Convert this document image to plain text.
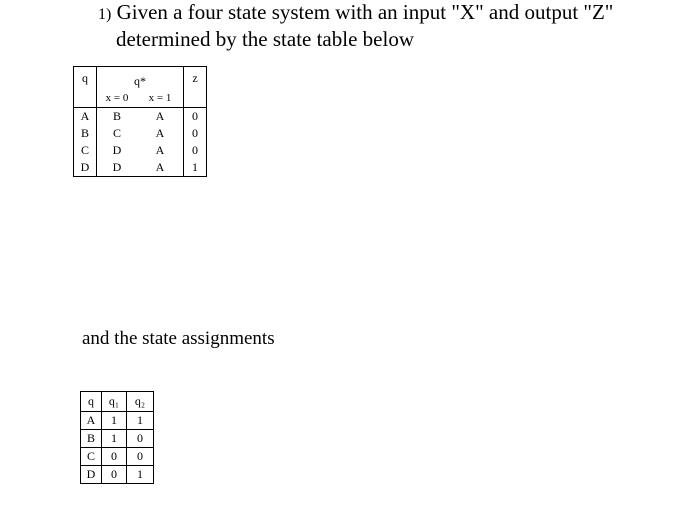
1) Given a four state system with an input "X" and output "Z"
determined by the state table below
q	q*		z
	x = 0	x = 1	
A	B	A	0
B	C	A	0
C	D	A	0
D	D	A	1
and the state assignments
q	q₁	q₂
A	1	1
B	1	0
C	0	0
D	0	1
